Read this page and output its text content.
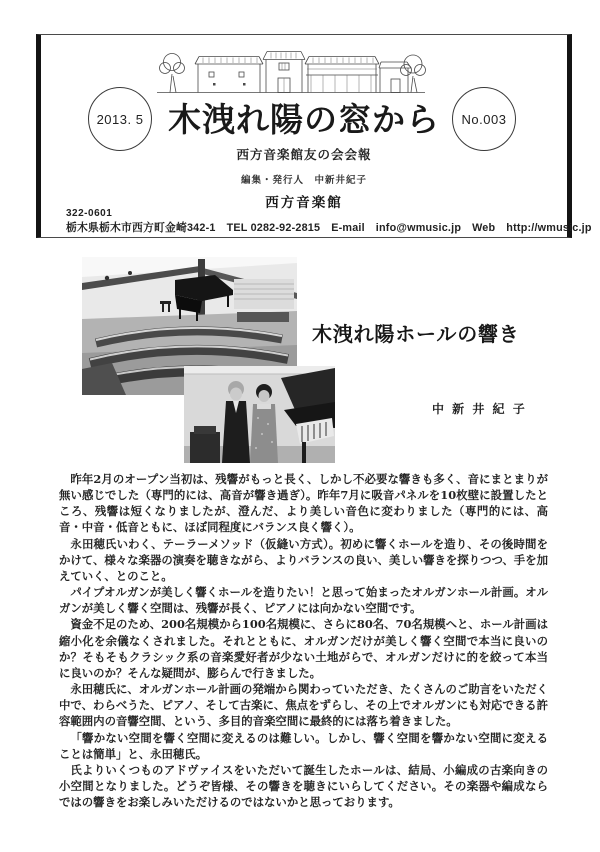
2013. 5	No.003
木洩れ陽の窓から
西方音楽館友の会会報
編集・発行人　中新井紀子
西方音楽館
322-0601
栃木県栃木市西方町金崎342-1　TEL 0282-92-2815　E-mail　info@wmusic.jp　Web　http://wmusic.jp
木洩れ陽ホールの響き
中 新 井 紀 子

昨年2月のオープン当初は、残響がもっと長く、しかし不必要な響きも多く、音にまとまりが無い感じでした（専門的には、高音が響き過ぎ）。昨年7月に吸音パネルを10枚壁に設置したところ、残響は短くなりましたが、澄んだ、より美しい音色に変わりました（専門的には、高音・中音・低音ともに、ほぼ同程度にバランス良く響く）。

永田穂氏いわく、テーラーメソッド（仮縫い方式）。初めに響くホールを造り、その後時間をかけて、様々な楽器の演奏を聴きながら、よりバランスの良い、美しい響きを探りつつ、手を加えていく、とのこと。

パイプオルガンが美しく響くホールを造りたい！と思って始まったオルガンホール計画。オルガンが美しく響く空間は、残響が長く、ピアノには向かない空間です。

資金不足のため、200名規模から100名規模に、さらに80名、70名規模へと、ホール計画は縮小化を余儀なくされました。それとともに、オルガンだけが美しく響く空間で本当に良いのか？そもそもクラシック系の音楽愛好者が少ない土地がらで、オルガンだけに的を絞って本当に良いのか？そんな疑問が、膨らんで行きました。

永田穂氏に、オルガンホール計画の発端から関わっていただき、たくさんのご助言をいただく中で、わらべうた、ピアノ、そして古楽に、焦点をずらし、その上でオルガンにも対応できる許容範囲内の音響空間、という、多目的音楽空間に最終的には落ち着きました。

「響かない空間を響く空間に変えるのは難しい。しかし、響く空間を響かない空間に変えることは簡単」と、永田穂氏。

氏よりいくつものアドヴァイスをいただいて誕生したホールは、結局、小編成の古楽向きの小空間となりました。どうぞ皆様、その響きを聴きにいらしてください。その楽器や編成ならではの響きをお楽しみいただけるのではないかと思っております。
